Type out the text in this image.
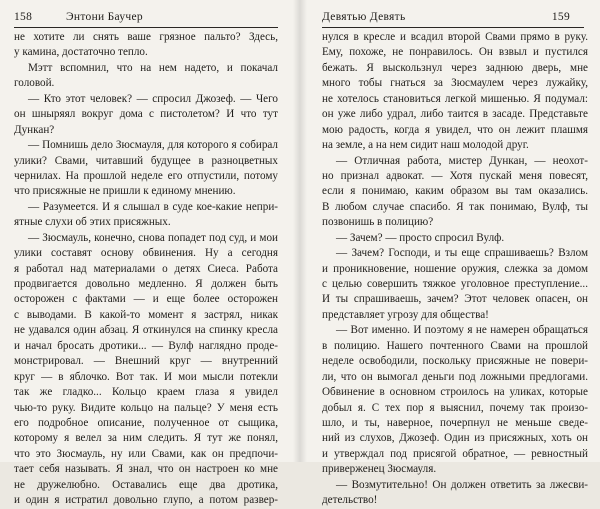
158	Энтони Баучер
не хотите ли снять ваше грязное пальто? Здесь,
у камина, достаточно тепло.
Мэтт вспомнил, что на нем надето, и покачал
головой.
— Кто этот человек? — спросил Джозеф. — Чего
он шныряял вокруг дома с пистолетом? И что тут
Дункан?
— Помнишь дело Зюсмауля, для которого я собирал
улики? Свами, читавший будущее в разноцветных
чернилах. На прошлой неделе его отпустили, потому
что присяжные не пришли к единому мнению.
— Разумеется. И я слышал в суде кое-какие непри-
ятные слухи об этих присяжных.
— Зюсмауль, конечно, снова попадет под суд, и мои
улики составят основу обвинения. Ну а сегодня
я работал над материалами о детях Сиеса. Работа
продвигается довольно медленно. Я должен быть
осторожен с фактами — и еще более осторожен
с выводами. В какой-то момент я застрял, никак
не удавался один абзац. Я откинулся на спинку кресла
и начал бросать дротики... — Вулф наглядно проде-
монстрировал. — Внешний круг — внутренний
круг — в яблочко. Вот так. И мои мысли потекли
так же гладко... Кольцо краем глаза я увидел
чью-то руку. Видите кольцо на пальце? У меня есть
его подробное описание, полученное от сыщика,
которому я велел за ним следить. Я тут же понял,
что это Зюсмауль, ну или Свами, как он предпочи-
тает себя называть. Я знал, что он настроен ко мне
не дружелюбно. Оставались еще два дротика,
и один я истратил довольно глупо, а потом развер-
Девятью Девять	159
нулся в кресле и всадил второй Свами прямо в руку.
Ему, похоже, не понравилось. Он взвыл и пустился
бежать. Я выскользнул через заднюю дверь, мне
много тобы гнаться за Зюсмаулем через лужайку,
не хотелось становиться легкой мишенью. Я подумал:
он уже либо удрал, либо таится в засаде. Представьте
мою радость, когда я увидел, что он лежит плашмя
на земле, а на нем сидит наш молодой друг.
— Отличная работа, мистер Дункан, — неохот-
но признал адвокат. — Хотя пускай меня повесят,
если я понимаю, каким образом вы там оказались.
В любом случае спасибо. Я так понимаю, Вулф, ты
позвонишь в полицию?
— Зачем? — просто спросил Вулф.
— Зачем? Господи, и ты еще спрашиваешь? Взлом
и проникновение, ношение оружия, слежка за домом
с целью совершить тяжкое уголовное преступление...
И ты спрашиваешь, зачем? Этот человек опасен, он
представляет угрозу для общества!
— Вот именно. И поэтому я не намерен обращаться
в полицию. Нашего почтенного Свами на прошлой
неделе освободили, поскольку присяжные не повери-
ли, что он вымогал деньги под ложными предлогами.
Обвинение в основном строилось на уликах, которые
добыл я. С тех пор я выяснил, почему так произо-
шло, и ты, наверное, почерпнул не меньше сведе-
ний из слухов, Джозеф. Один из присяжных, хоть он
и утверждал под присягой обратное, — ревностный
приверженец Зюсмауля.
— Возмутительно! Он должен ответить за лжесви-
детельство!
